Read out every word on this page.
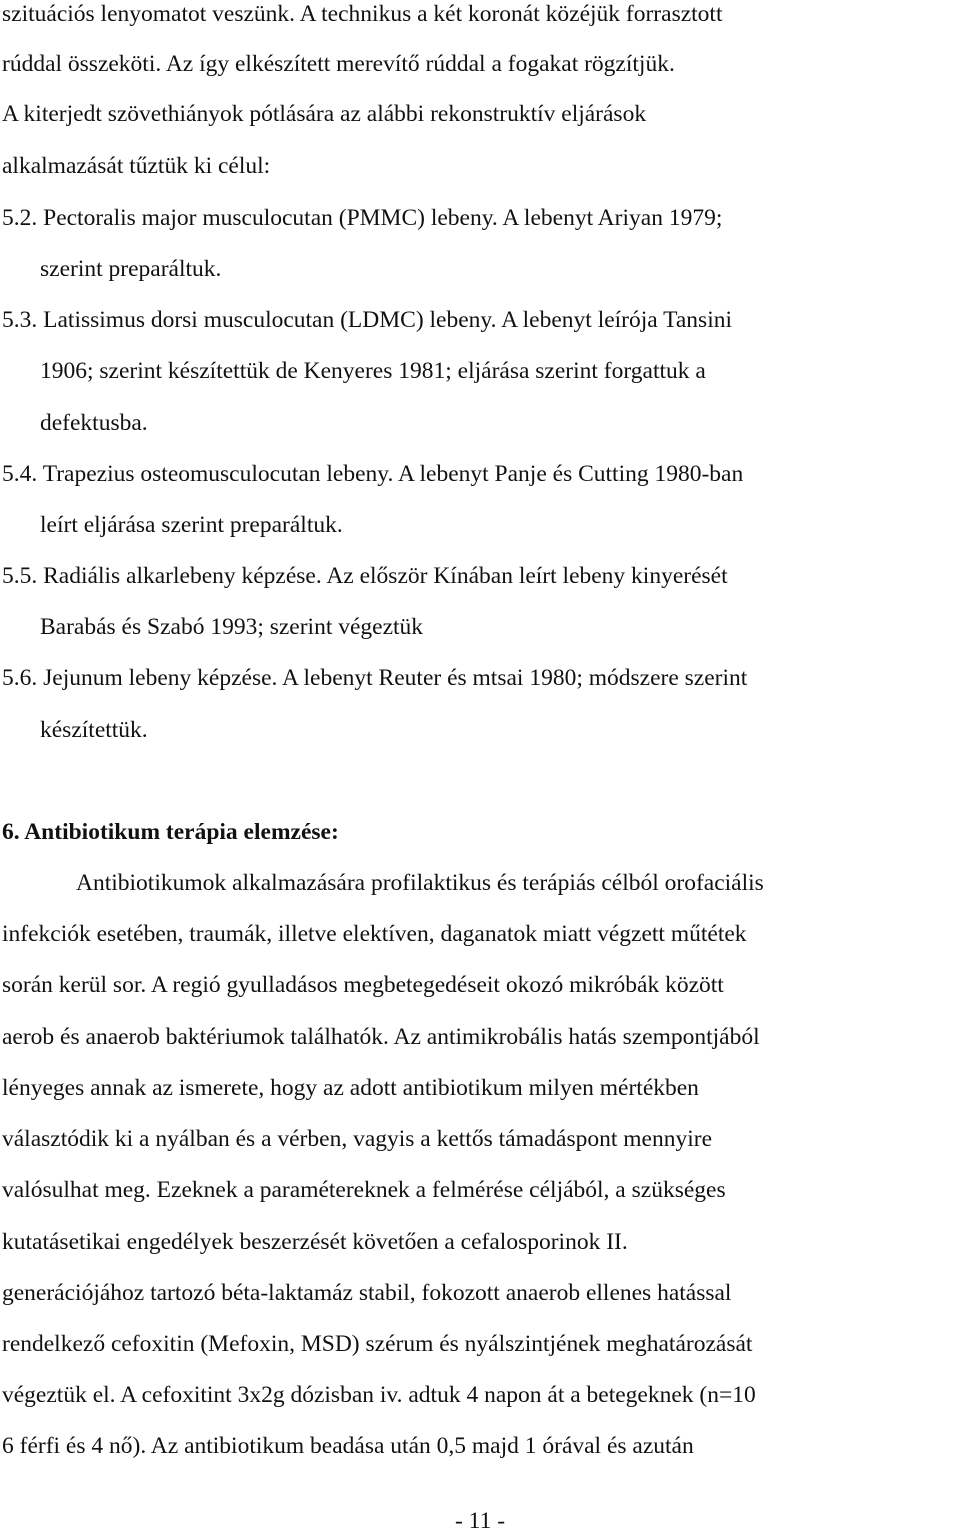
szituációs lenyomatot veszünk. A technikus a két koronát közéjük forrasztott
rúddal összeköti. Az így elkészített merevítő rúddal a fogakat rögzítjük.
A kiterjedt szövethiányok pótlására az alábbi rekonstruktív eljárások
alkalmazását tűztük ki célul:
5.2. Pectoralis major musculocutan (PMMC) lebeny. A lebenyt Ariyan 1979;
szerint preparáltuk.
5.3. Latissimus dorsi musculocutan (LDMC) lebeny. A lebenyt leírója Tansini
1906; szerint készítettük de Kenyeres 1981; eljárása szerint forgattuk a
defektusba.
5.4. Trapezius osteomusculocutan lebeny. A lebenyt Panje és Cutting 1980-ban
leírt eljárása szerint preparáltuk.
5.5. Radiális alkarlebeny képzése. Az először Kínában leírt lebeny kinyerését
Barabás és Szabó 1993; szerint végeztük
5.6. Jejunum lebeny képzése. A lebenyt Reuter és mtsai 1980; módszere szerint
készítettük.
6. Antibiotikum terápia elemzése:
Antibiotikumok alkalmazására profilaktikus és terápiás célból orofaciális
infekciók esetében, traumák, illetve elektíven, daganatok miatt végzett műtétek
során kerül sor. A regió gyulladásos megbetegedéseit okozó mikróbák között
aerob és anaerob baktériumok találhatók. Az antimikrobális hatás szempontjából
lényeges annak az ismerete, hogy az adott antibiotikum milyen mértékben
választódik ki a nyálban és a vérben, vagyis a kettős támadáspont mennyire
valósulhat meg. Ezeknek a paramétereknek a felmérése céljából, a szükséges
kutatásetikai engedélyek beszerzését követően a cefalosporinok II.
generációjához tartozó béta-laktamáz stabil, fokozott anaerob ellenes hatással
rendelkező cefoxitin (Mefoxin, MSD) szérum és nyálszintjének meghatározását
végeztük el. A cefoxitint 3x2g dózisban iv. adtuk 4 napon át a betegeknek (n=10
6 férfi és 4 nő). Az antibiotikum beadása után 0,5 majd 1 órával és azután
- 11 -
